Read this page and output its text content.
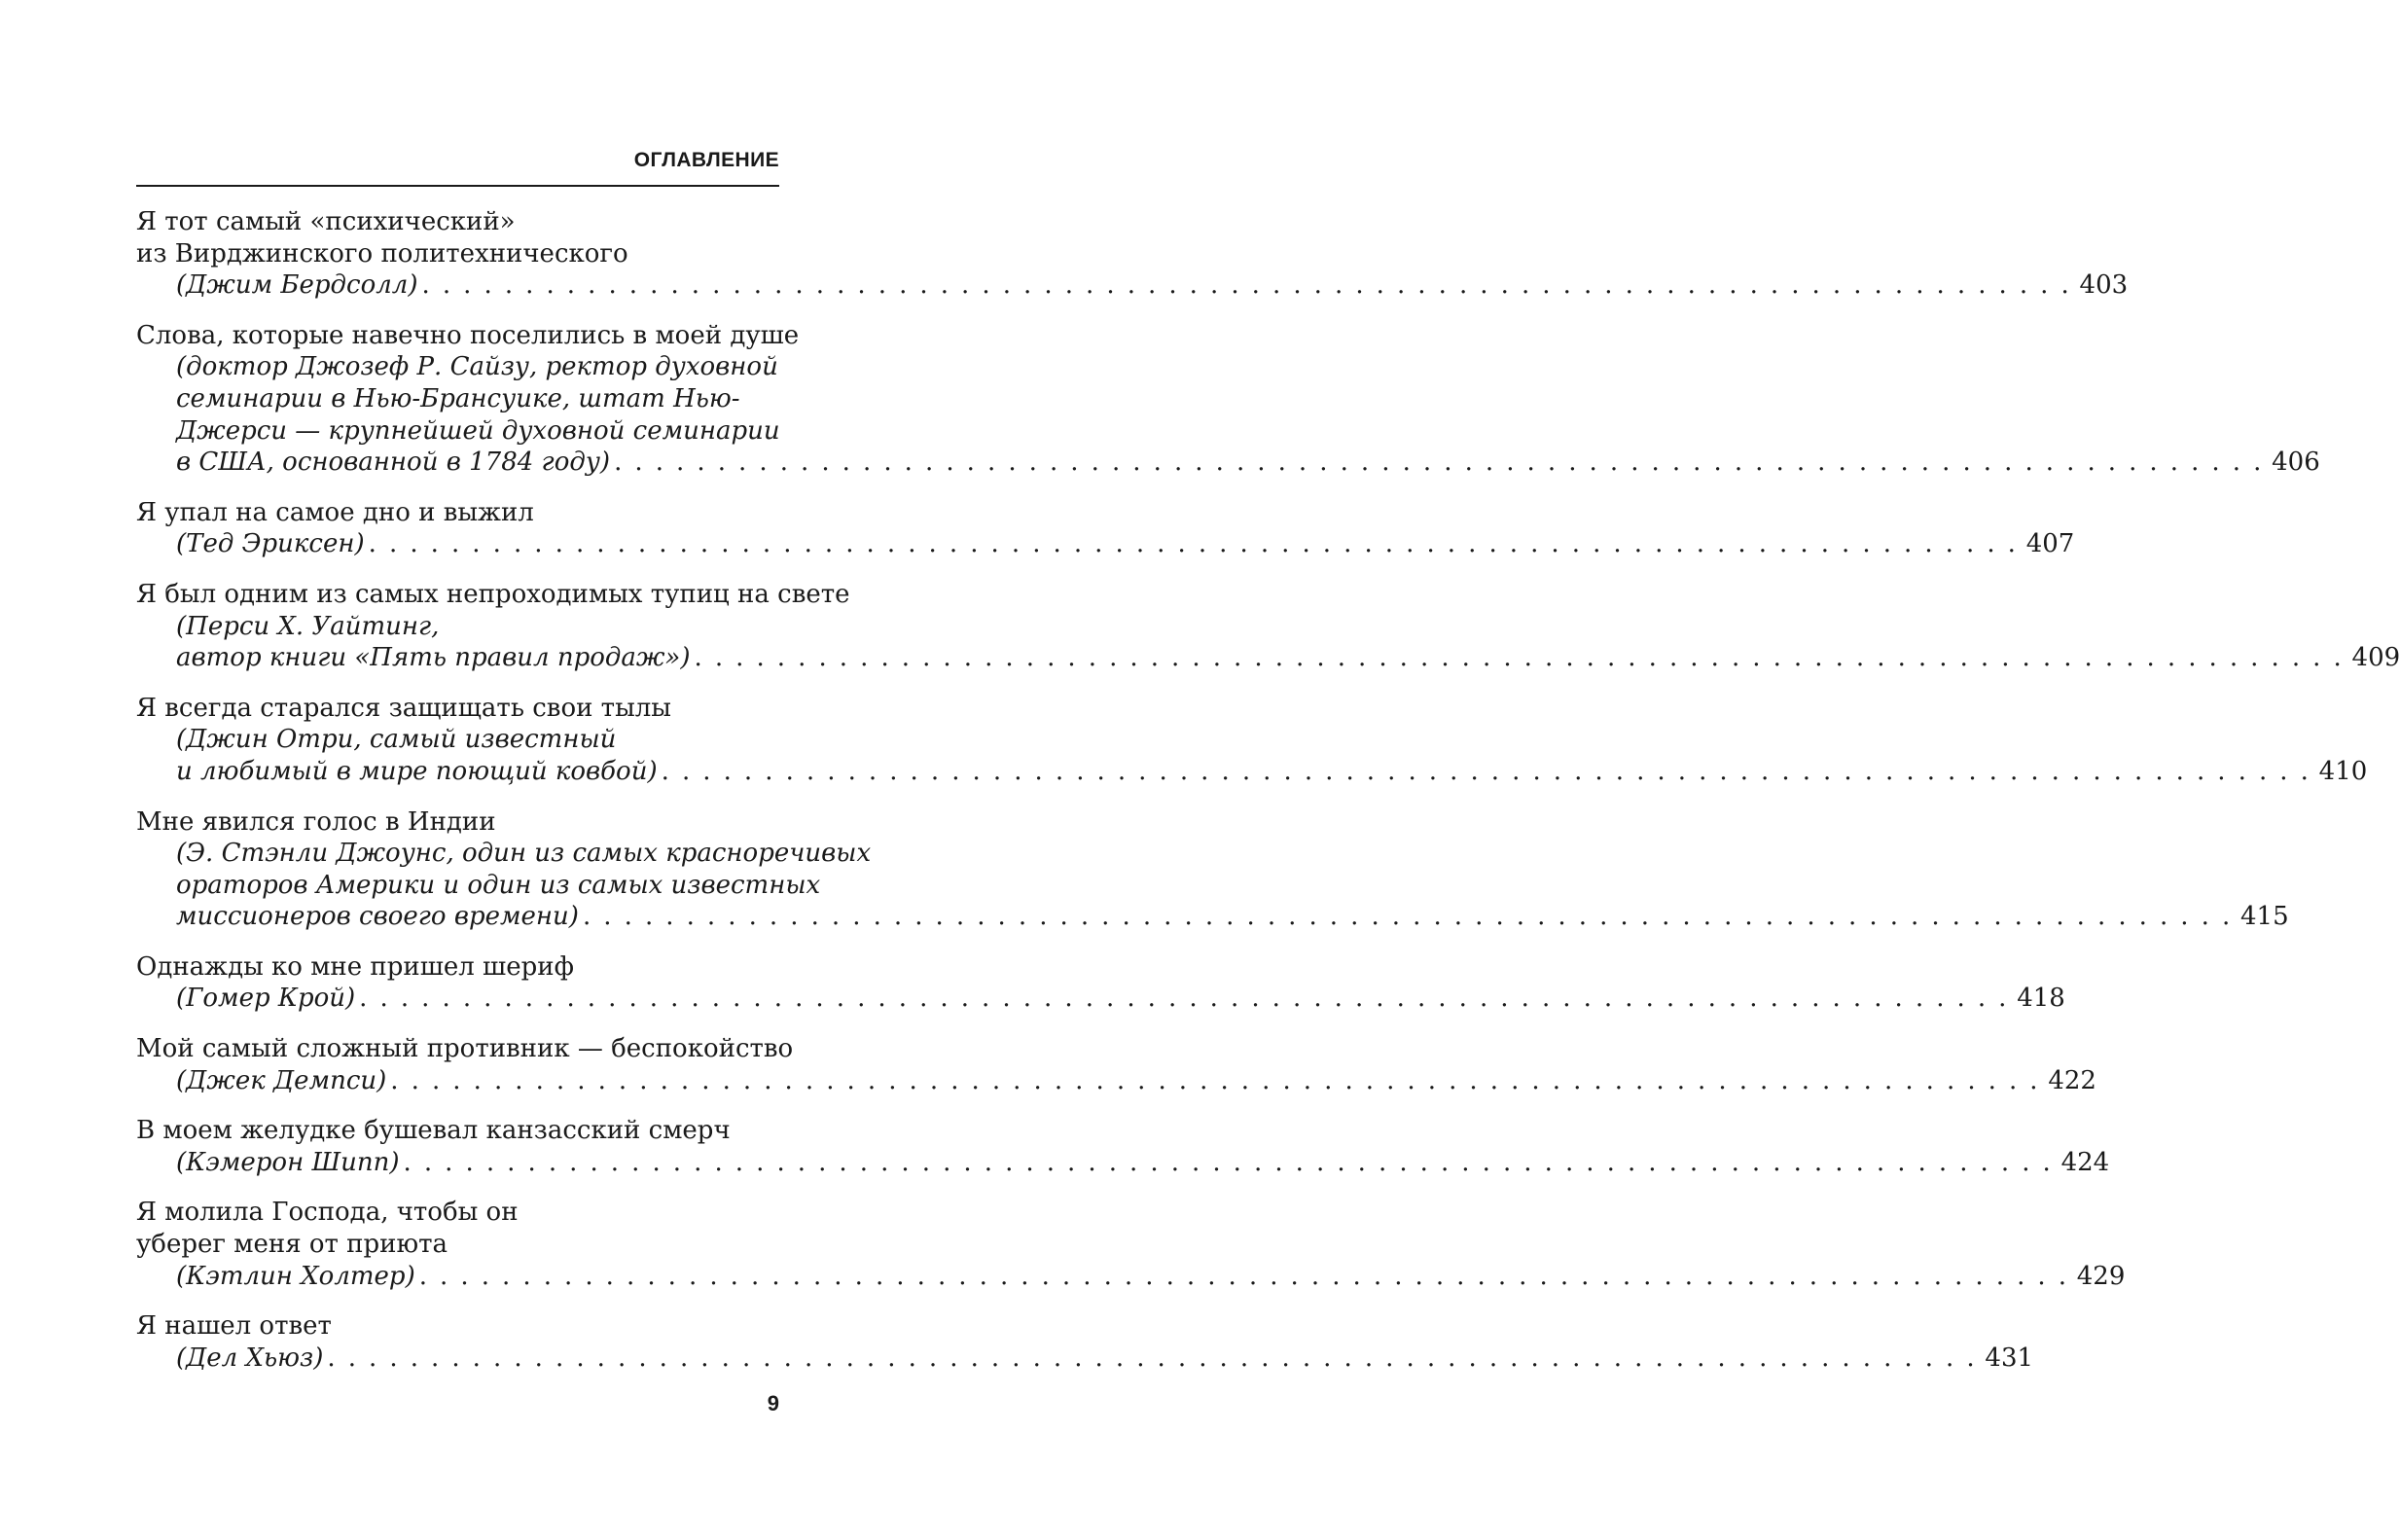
ОГЛАВЛЕНИЕ
Я тот самый «психический»
из Вирджинского политехнического
(Джим Бердсолл) . . . . . . . . . . . . . . . . . . . . . . . . . . . . . . . . . . . . . . . . . . . . . . . . . . . . . . . . . . . . . . . . . . . . . . . . . . . . . . . . 403
Слова, которые навечно поселились в моей душе
(доктор Джозеф Р. Сайзу, ректор духовной
семинарии в Нью-Брансуике, штат Нью-
Джерси — крупнейшей духовной семинарии
в США, основанной в 1784 году) . . . . . . . . . . . . . . . . . . . . . . . . . . . . . . . . . . . . . . . . . . . . . . . . . . . . . . . . . . . . . . . . . . . . . . . . . . . . . . . . 406
Я упал на самое дно и выжил
(Тед Эриксен) . . . . . . . . . . . . . . . . . . . . . . . . . . . . . . . . . . . . . . . . . . . . . . . . . . . . . . . . . . . . . . . . . . . . . . . . . . . . . . . . 407
Я был одним из самых непроходимых тупиц на свете
(Перси Х. Уайтинг,
автор книги «Пять правил продаж») . . . . . . . . . . . . . . . . . . . . . . . . . . . . . . . . . . . . . . . . . . . . . . . . . . . . . . . . . . . . . . . . . . . . . . . . . . . . . . . . 409
Я всегда старался защищать свои тылы
(Джин Отри, самый известный
и любимый в мире поющий ковбой) . . . . . . . . . . . . . . . . . . . . . . . . . . . . . . . . . . . . . . . . . . . . . . . . . . . . . . . . . . . . . . . . . . . . . . . . . . . . . . . . 410
Мне явился голос в Индии
(Э. Стэнли Джоунс, один из самых красноречивых
ораторов Америки и один из самых известных
миссионеров своего времени) . . . . . . . . . . . . . . . . . . . . . . . . . . . . . . . . . . . . . . . . . . . . . . . . . . . . . . . . . . . . . . . . . . . . . . . . . . . . . . . . 415
Однажды ко мне пришел шериф
(Гомер Крой) . . . . . . . . . . . . . . . . . . . . . . . . . . . . . . . . . . . . . . . . . . . . . . . . . . . . . . . . . . . . . . . . . . . . . . . . . . . . . . . . 418
Мой самый сложный противник — беспокойство
(Джек Демпси) . . . . . . . . . . . . . . . . . . . . . . . . . . . . . . . . . . . . . . . . . . . . . . . . . . . . . . . . . . . . . . . . . . . . . . . . . . . . . . . . 422
В моем желудке бушевал канзасский смерч
(Кэмерон Шипп) . . . . . . . . . . . . . . . . . . . . . . . . . . . . . . . . . . . . . . . . . . . . . . . . . . . . . . . . . . . . . . . . . . . . . . . . . . . . . . . . 424
Я молила Господа, чтобы он
уберег меня от приюта
(Кэтлин Холтер) . . . . . . . . . . . . . . . . . . . . . . . . . . . . . . . . . . . . . . . . . . . . . . . . . . . . . . . . . . . . . . . . . . . . . . . . . . . . . . . . 429
Я нашел ответ
(Дел Хьюз) . . . . . . . . . . . . . . . . . . . . . . . . . . . . . . . . . . . . . . . . . . . . . . . . . . . . . . . . . . . . . . . . . . . . . . . . . . . . . . . . 431
9
